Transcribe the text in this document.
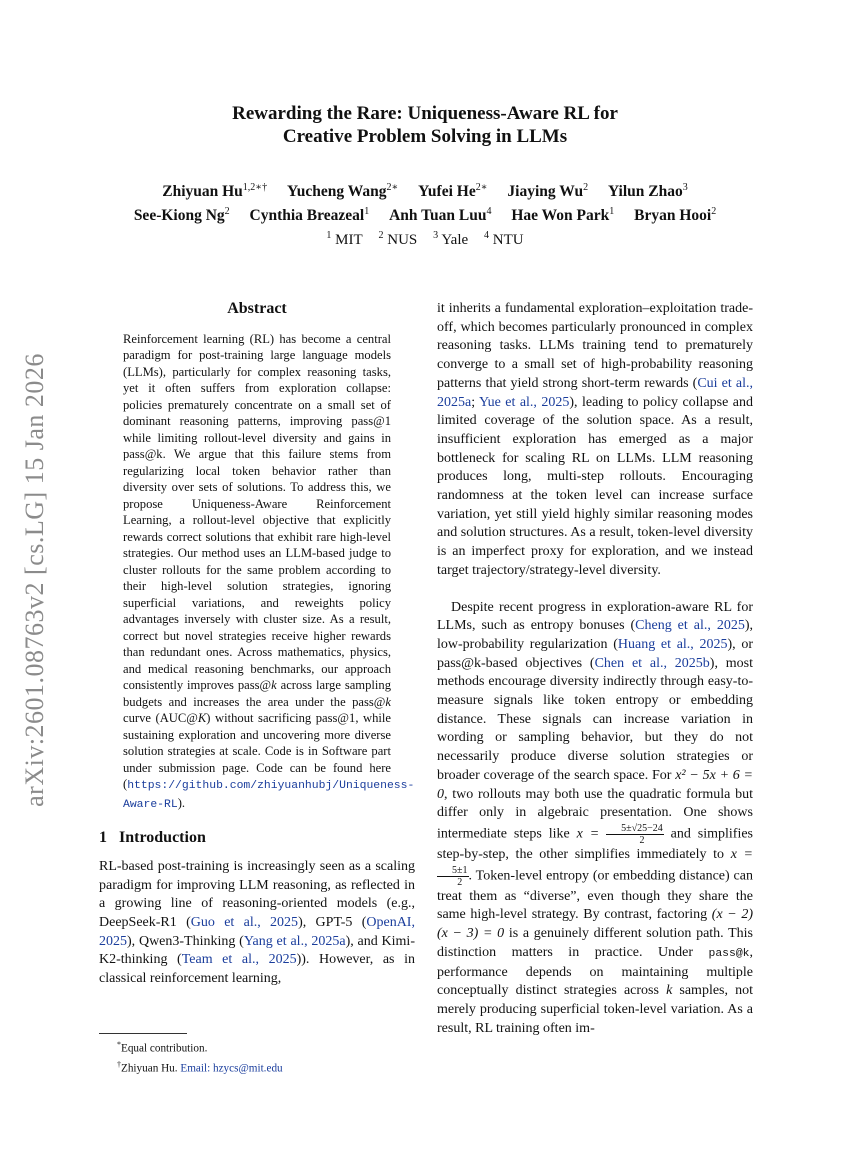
arXiv:2601.08763v2 [cs.LG] 15 Jan 2026
Rewarding the Rare: Uniqueness-Aware RL for
Creative Problem Solving in LLMs
Zhiyuan $Hu^{1,2∗\dagger}$ Yucheng Wang$^{2∗}$ Yufei $He^{2∗}$ Jiaying Wu$^2$ Yilun Zhao$^3$
See-Kiong Ng$^2$ Cynthia Breazeal$^1$ Anh Tuan Luu$^4$ Hae Won Park$^1$ Bryan Hooi$^2$
$^1$ MIT $^2$ NUS $^3$ Yale $^4$ NTU
Abstract
Reinforcement learning (RL) has become a central paradigm for post-training large language models (LLMs), particularly for complex reasoning tasks, yet it often suffers from exploration collapse: policies prematurely concentrate on a small set of dominant reasoning patterns, improving pass@1 while limiting rollout-level diversity and gains in pass@k. We argue that this failure stems from regularizing local token behavior rather than diversity over sets of solutions. To address this, we propose Uniqueness-Aware Reinforcement Learning, a rollout-level objective that explicitly rewards correct solutions that exhibit rare high-level strategies. Our method uses an LLM-based judge to cluster rollouts for the same problem according to their high-level solution strategies, ignoring superficial variations, and reweights policy advantages inversely with cluster size. As a result, correct but novel strategies receive higher rewards than redundant ones. Across mathematics, physics, and medical reasoning benchmarks, our approach consistently improves pass@k across large sampling budgets and increases the area under the pass@k curve (AUC@K) without sacrificing pass@1, while sustaining exploration and uncovering more diverse solution strategies at scale. Code is in Software part under submission page. Code can be found here (https://github.com/zhiyuanhubj/Uniqueness-Aware-RL).
1 Introduction

RL-based post-training is increasingly seen as a scaling paradigm for improving LLM reasoning, as reflected in a growing line of reasoning-oriented models (e.g., DeepSeek-R1 (Guo et al., 2025), GPT-5 (OpenAI, 2025), Qwen3-Thinking (Yang et al., 2025a), and Kimi-K2-thinking (Team et al., 2025)). However, as in classical reinforcement learning,

it inherits a fundamental exploration–exploitation trade-off, which becomes particularly pronounced in complex reasoning tasks. LLMs training tend to prematurely converge to a small set of high-probability reasoning patterns that yield strong short-term rewards (Cui et al., 2025a; Yue et al., 2025), leading to policy collapse and limited coverage of the solution space. As a result, insufficient exploration has emerged as a major bottleneck for scaling RL on LLMs. LLM reasoning produces long, multi-step rollouts. Encouraging randomness at the token level can increase surface variation, yet still yield highly similar reasoning modes and solution structures. As a result, token-level diversity is an imperfect proxy for exploration, and we instead target trajectory/strategy-level diversity.

Despite recent progress in exploration-aware RL for LLMs, such as entropy bonuses (Cheng et al., 2025), low-probability regularization (Huang et al., 2025), or pass@k-based objectives (Chen et al., 2025b), most methods encourage diversity indirectly through easy-to-measure signals like token entropy or embedding distance. These signals can increase variation in wording or sampling behavior, but they do not necessarily produce diverse solution strategies or broader coverage of the search space. For x² − 5x + 6 = 0, two rollouts may both use the quadratic formula but differ only in algebraic presentation. One shows intermediate steps like $x = \frac{5\pm√25-24}{2}$ and simplifies step-by-step, the other simplifies immediately to x =
$\frac{5\pm 1}{2}$ . Token-level entropy (or embedding distance) can treat them as “diverse”, even though they share the same high-level strategy. By contrast, factoring (x − 2)(x − 3) = 0 is a genuinely different solution path. This distinction matters in practice. Under pass@k, performance depends on maintaining multiple conceptually distinct strategies across k samples, not merely producing superficial token-level variation. As a result, RL training often im-

*Equal contribution.
†Zhiyuan Hu. Email: hzycs@mit.edu
